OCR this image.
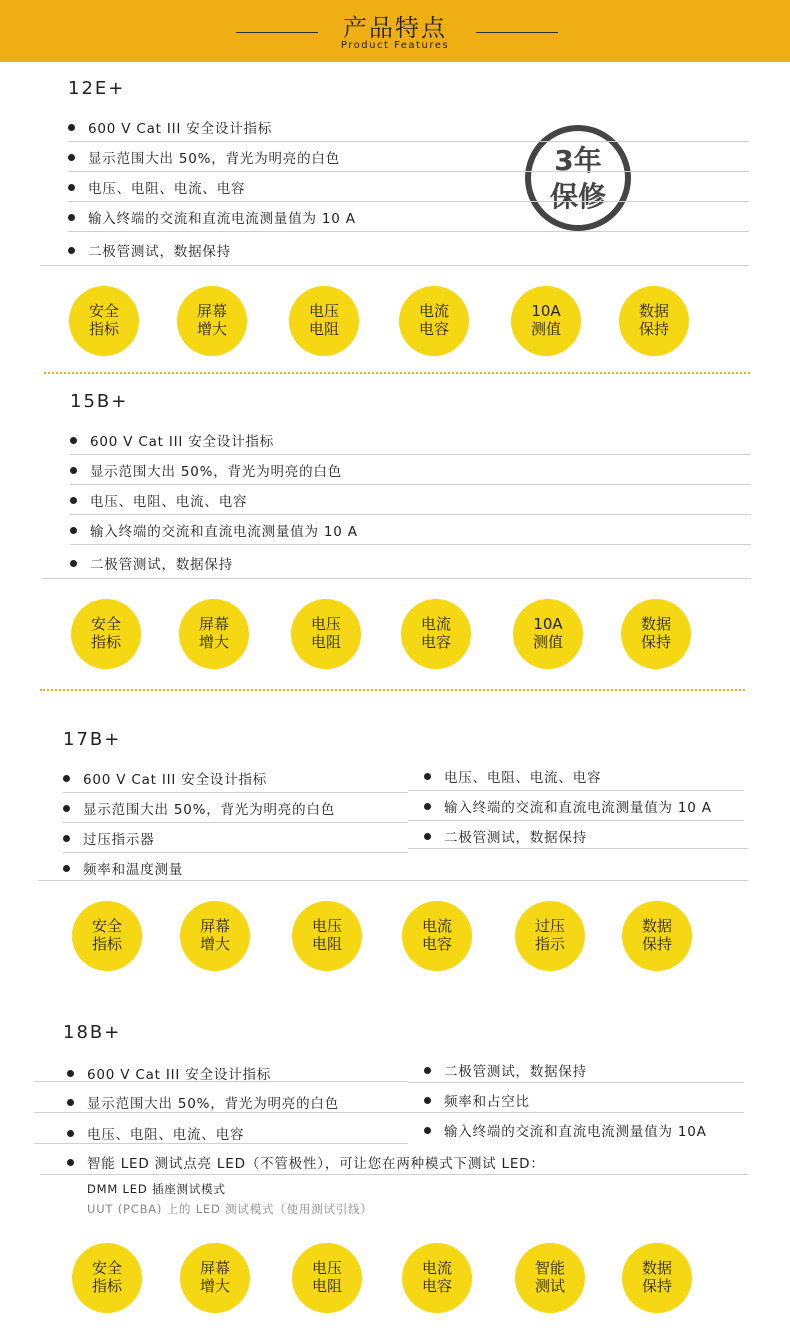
产品特点
Product Features
3年
保修
12E+
600 V Cat III 安全设计指标
显示范围大出 50%，背光为明亮的白色
电压、电阻、电流、电容
输入终端的交流和直流电流测量值为 10 A
二极管测试，数据保持
安全
指标
屏幕
增大
电压
电阻
电流
电容
10A
测值
数据
保持
15B+
600 V Cat III 安全设计指标
显示范围大出 50%，背光为明亮的白色
电压、电阻、电流、电容
输入终端的交流和直流电流测量值为 10 A
二极管测试，数据保持
安全
指标
屏幕
增大
电压
电阻
电流
电容
10A
测值
数据
保持
17B+
600 V Cat III 安全设计指标
显示范围大出 50%，背光为明亮的白色
过压指示器
电压、电阻、电流、电容
输入终端的交流和直流电流测量值为 10 A
二极管测试，数据保持
频率和温度测量
安全
指标
屏幕
增大
电压
电阻
电流
电容
过压
指示
数据
保持
18B+
600 V Cat III 安全设计指标
显示范围大出 50%，背光为明亮的白色
电压、电阻、电流、电容
二极管测试，数据保持
频率和占空比
输入终端的交流和直流电流测量值为 10A
智能 LED 测试点亮 LED（不管极性），可让您在两种模式下测试 LED：
DMM LED 插座测试模式
UUT (PCBA) 上的 LED 测试模式（使用测试引线）
安全
指标
屏幕
增大
电压
电阻
电流
电容
智能
测试
数据
保持
